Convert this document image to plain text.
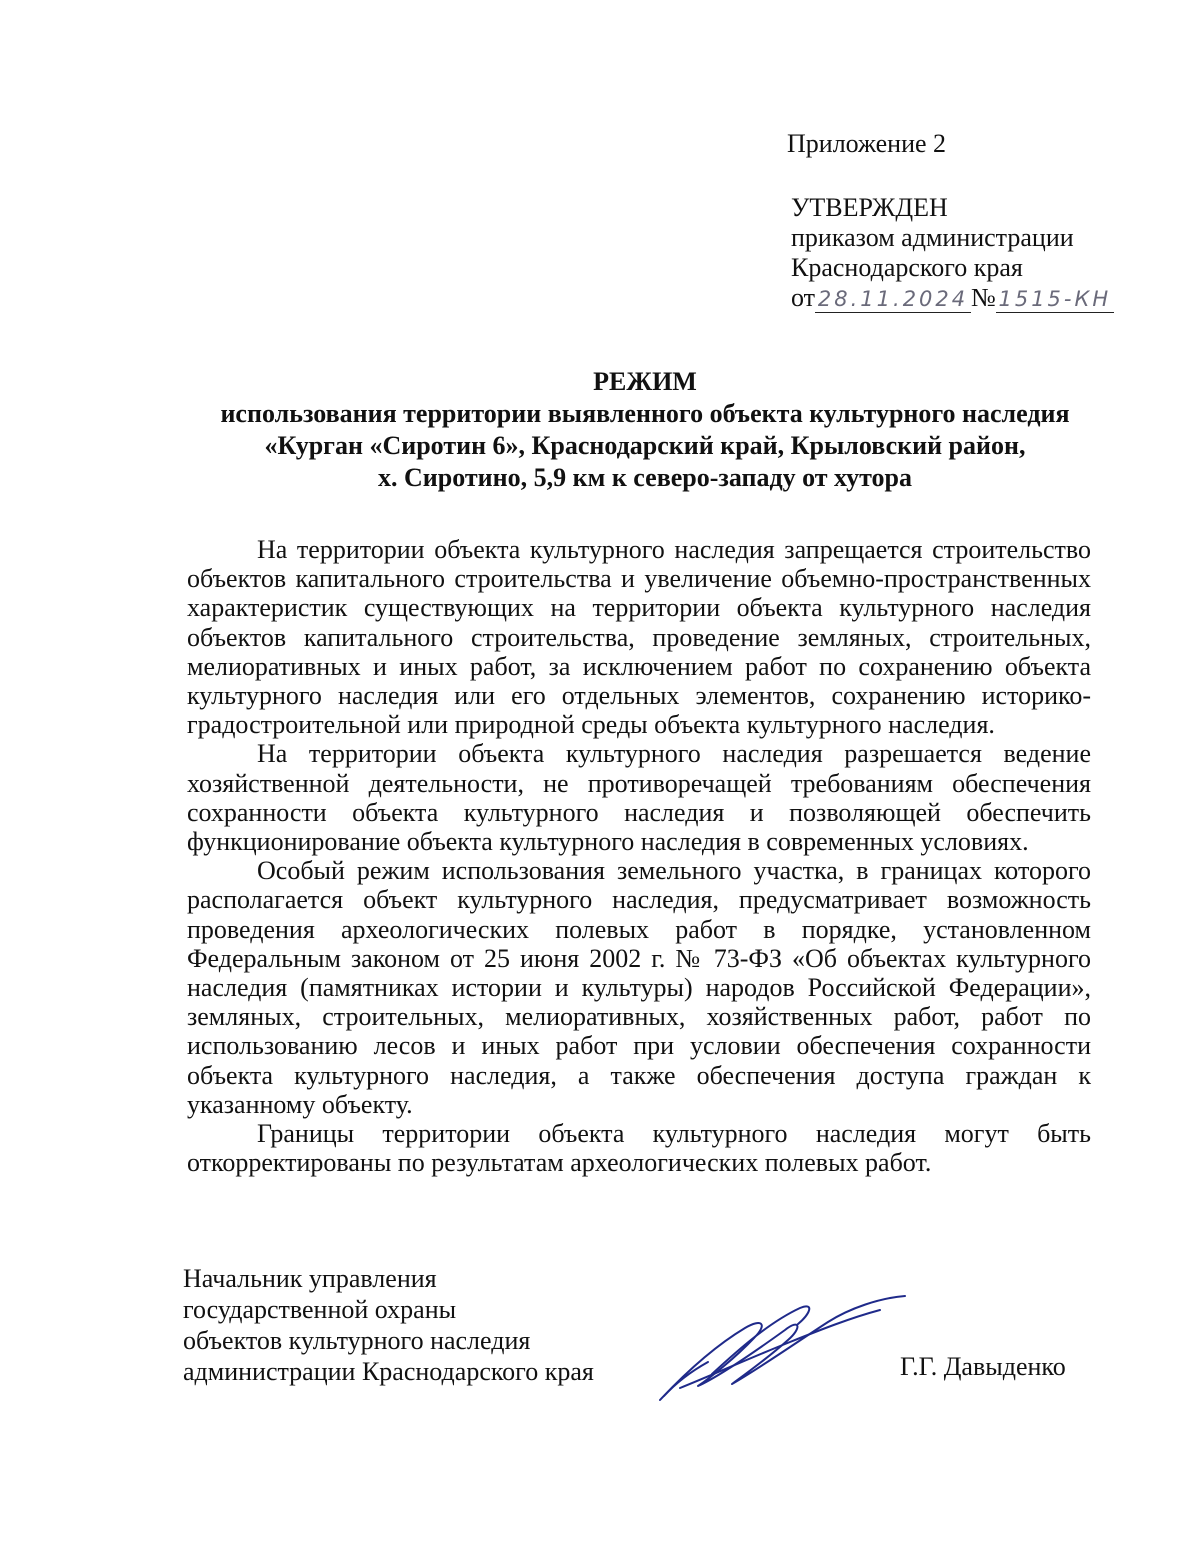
Приложение 2
УТВЕРЖДЕН
приказом администрации
Краснодарского края
от 28.11.2024 № 1515-КН
РЕЖИМ
использования территории выявленного объекта культурного наследия
«Курган «Сиротин 6», Краснодарский край, Крыловский район,
х. Сиротино, 5,9 км к северо-западу от хутора

На территории объекта культурного наследия запрещается строительство объектов капитального строительства и увеличение объемно-пространственных характеристик существующих на территории объекта культурного наследия объектов капитального строительства, проведение земляных, строительных, мелиоративных и иных работ, за исключением работ по сохранению объекта культурного наследия или его отдельных элементов, сохранению историко-градостроительной или природной среды объекта культурного наследия.

На территории объекта культурного наследия разрешается ведение хозяйственной деятельности, не противоречащей требованиям обеспечения сохранности объекта культурного наследия и позволяющей обеспечить функционирование объекта культурного наследия в современных условиях.

Особый режим использования земельного участка, в границах которого располагается объект культурного наследия, предусматривает возможность проведения археологических полевых работ в порядке, установленном Федеральным законом от 25 июня 2002 г. № 73-ФЗ «Об объектах культурного наследия (памятниках истории и культуры) народов Российской Федерации», земляных, строительных, мелиоративных, хозяйственных работ, работ по использованию лесов и иных работ при условии обеспечения сохранности объекта культурного наследия, а также обеспечения доступа граждан к указанному объекту.

Границы территории объекта культурного наследия могут быть откорректированы по результатам археологических полевых работ.

Начальник управления
государственной охраны
объектов культурного наследия
администрации Краснодарского края	Г.Г. Давыденко
